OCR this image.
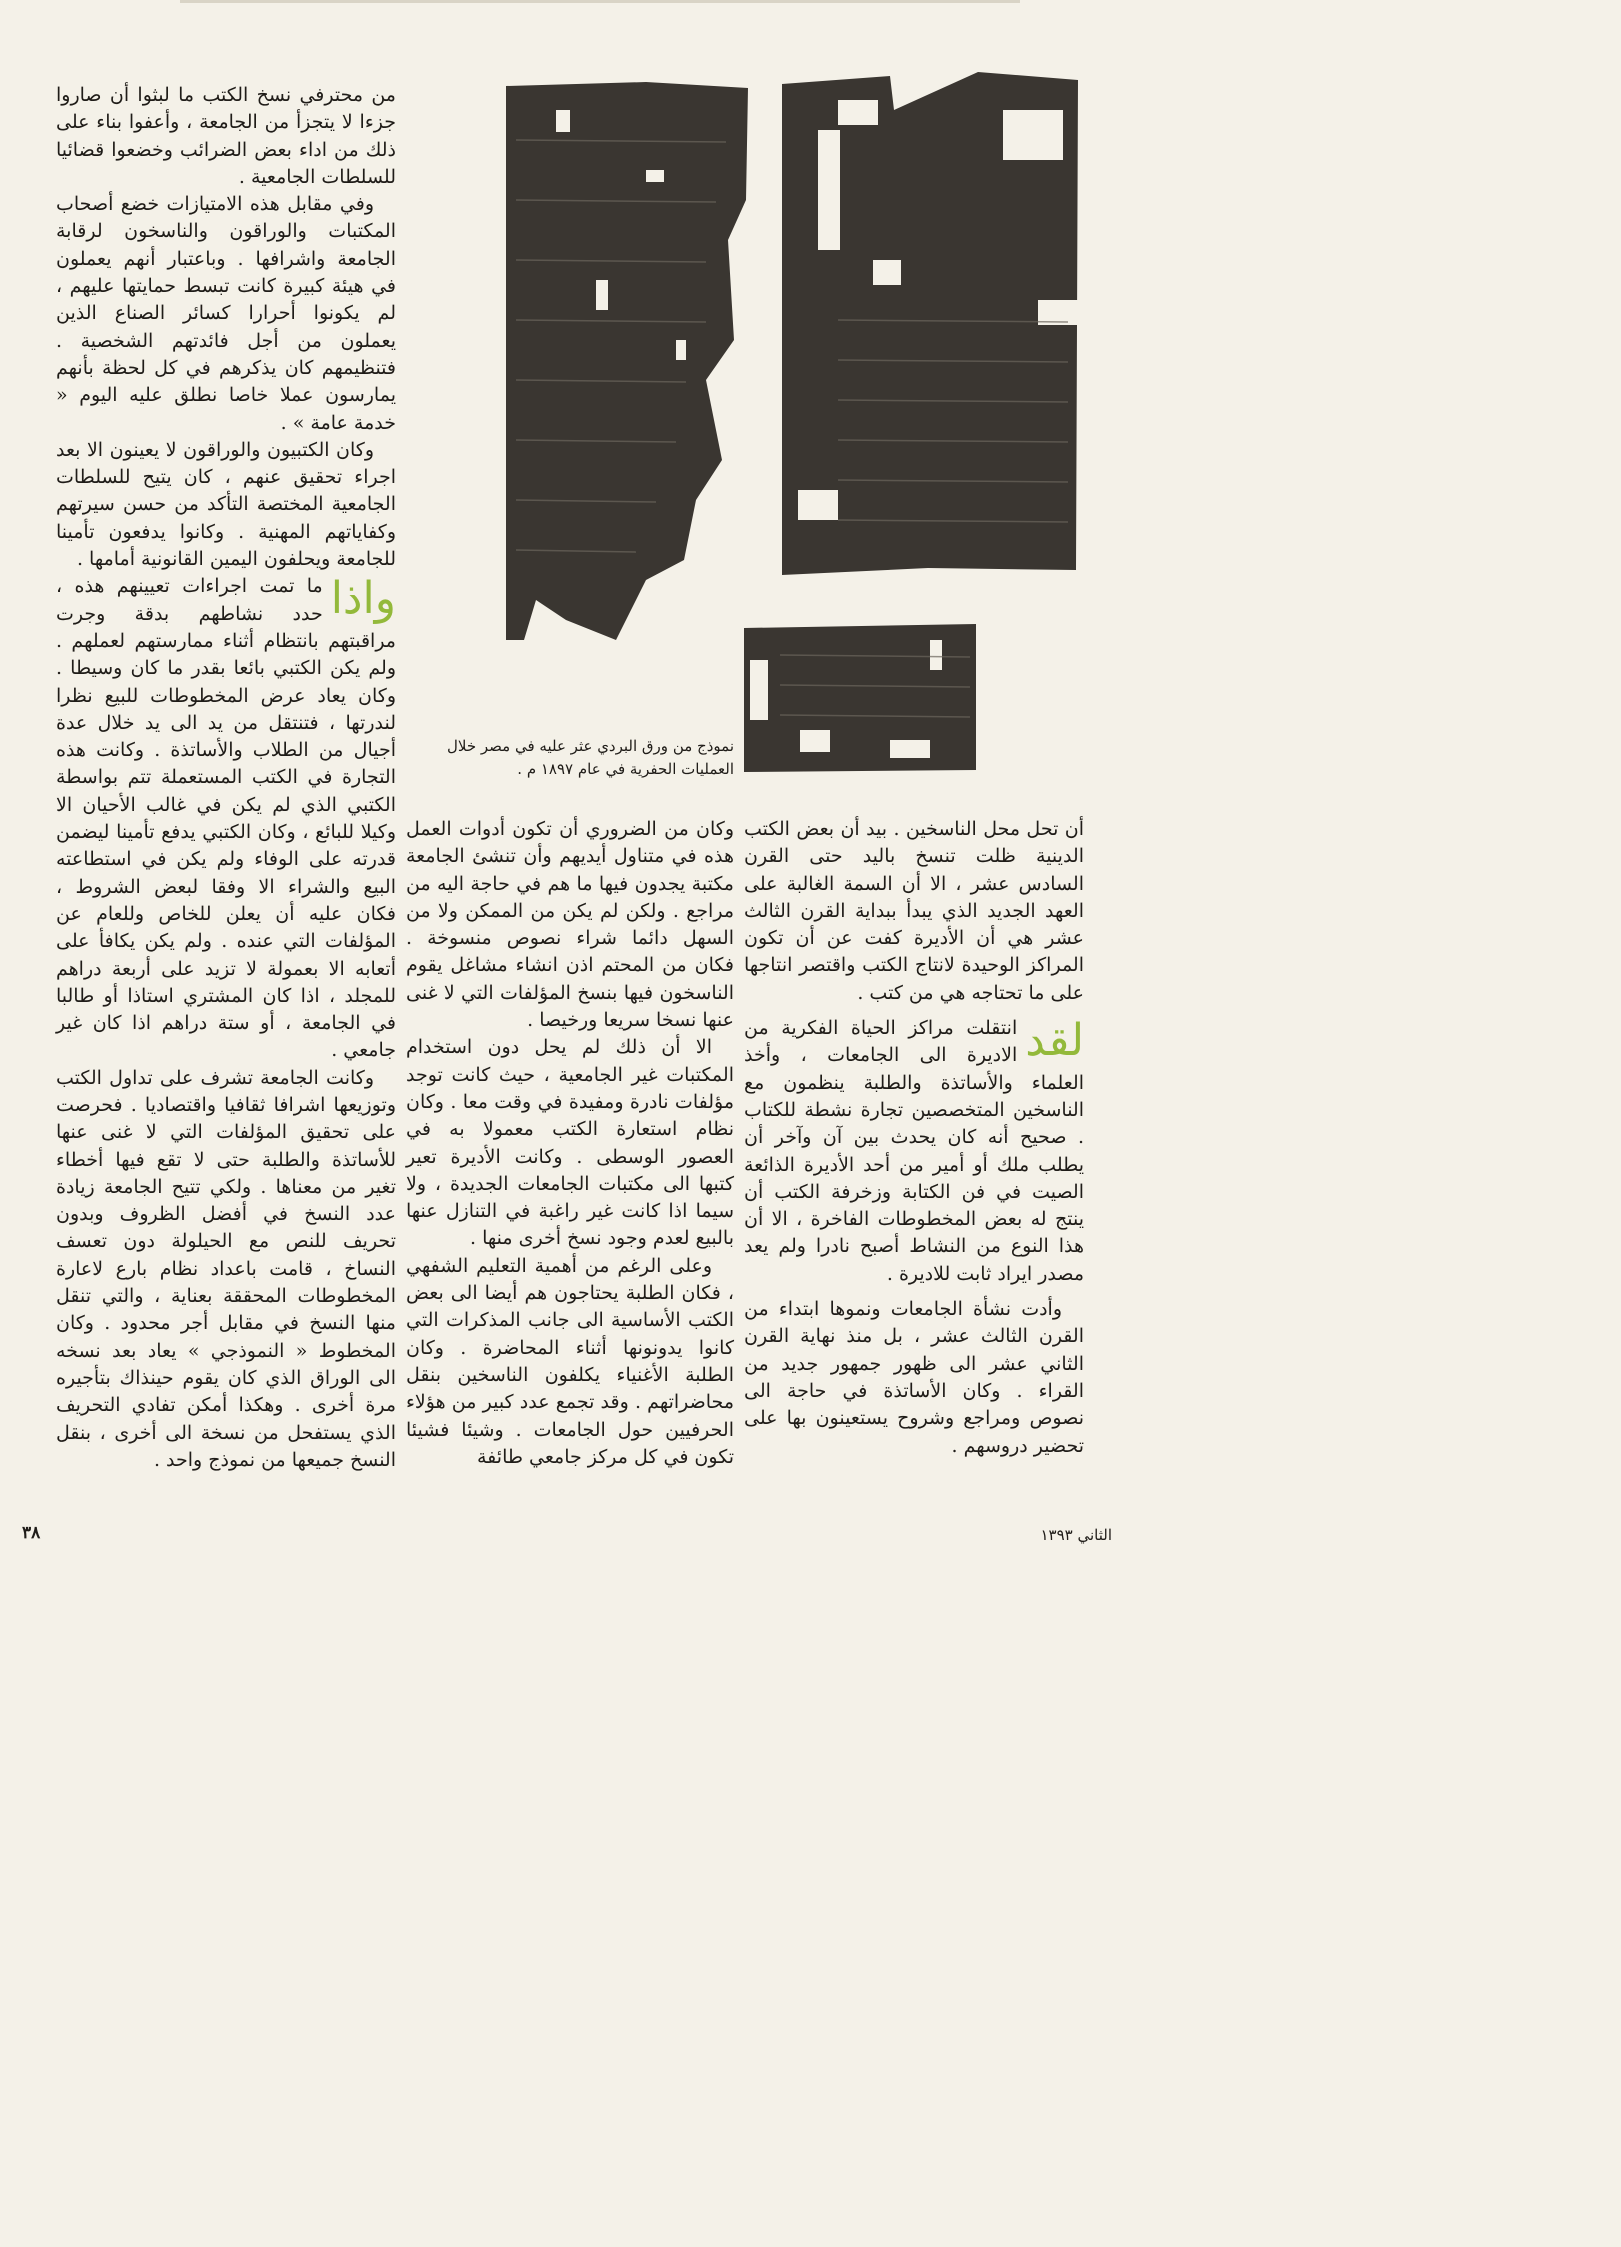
من محترفي نسخ الكتب ما لبثوا أن صاروا جزءا لا يتجزأ من الجامعة ، وأعفوا بناء على ذلك من اداء بعض الضرائب وخضعوا قضائيا للسلطات الجامعية .

وفي مقابل هذه الامتيازات خضع أصحاب المكتبات والوراقون والناسخون لرقابة الجامعة واشرافها . وباعتبار أنهم يعملون في هيئة كبيرة كانت تبسط حمايتها عليهم ، لم يكونوا أحرارا كسائر الصناع الذين يعملون من أجل فائدتهم الشخصية . فتنظيمهم كان يذكرهم في كل لحظة بأنهم يمارسون عملا خاصا نطلق عليه اليوم « خدمة عامة » .

وكان الكتبيون والوراقون لا يعينون الا بعد اجراء تحقيق عنهم ، كان يتيح للسلطات الجامعية المختصة التأكد من حسن سيرتهم وكفاياتهم المهنية . وكانوا يدفعون تأمينا للجامعة ويحلفون اليمين القانونية أمامها .

واذا
ما تمت اجراءات تعيينهم هذه ، حدد نشاطهم بدقة وجرت مراقبتهم بانتظام أثناء ممارستهم لعملهم . ولم يكن الكتبي بائعا بقدر ما كان وسيطا . وكان يعاد عرض المخطوطات للبيع نظرا لندرتها ، فتنتقل من يد الى يد خلال عدة أجيال من الطلاب والأساتذة . وكانت هذه التجارة في الكتب المستعملة تتم بواسطة الكتبي الذي لم يكن في غالب الأحيان الا وكيلا للبائع ، وكان الكتبي يدفع تأمينا ليضمن قدرته على الوفاء ولم يكن في استطاعته البيع والشراء الا وفقا لبعض الشروط ، فكان عليه أن يعلن للخاص وللعام عن المؤلفات التي عنده . ولم يكن يكافأ على أتعابه الا بعمولة لا تزيد على أربعة دراهم للمجلد ، اذا كان المشتري استاذا أو طالبا في الجامعة ، أو ستة دراهم اذا كان غير جامعي .

وكانت الجامعة تشرف على تداول الكتب وتوزيعها اشرافا ثقافيا واقتصاديا . فحرصت على تحقيق المؤلفات التي لا غنى عنها للأساتذة والطلبة حتى لا تقع فيها أخطاء تغير من معناها . ولكي تتيح الجامعة زيادة عدد النسخ في أفضل الظروف وبدون تحريف للنص مع الحيلولة دون تعسف النساخ ، قامت باعداد نظام بارع لاعارة المخطوطات المحققة بعناية ، والتي تنقل منها النسخ في مقابل أجر محدود . وكان المخطوط « النموذجي » يعاد بعد نسخه الى الوراق الذي كان يقوم حينذاك بتأجيره مرة أخرى . وهكذا أمكن تفادي التحريف الذي يستفحل من نسخة الى أخرى ، بنقل النسخ جميعها من نموذج واحد .

نموذج من ورق البردي عثر عليه في مصر خلال العمليات الحفرية في عام ١٨٩٧ م .

وكان من الضروري أن تكون أدوات العمل هذه في متناول أيديهم وأن تنشئ الجامعة مكتبة يجدون فيها ما هم في حاجة اليه من مراجع . ولكن لم يكن من الممكن ولا من السهل دائما شراء نصوص منسوخة . فكان من المحتم اذن انشاء مشاغل يقوم الناسخون فيها بنسخ المؤلفات التي لا غنى عنها نسخا سريعا ورخيصا .

الا أن ذلك لم يحل دون استخدام المكتبات غير الجامعية ، حيث كانت توجد مؤلفات نادرة ومفيدة في وقت معا . وكان نظام استعارة الكتب معمولا به في العصور الوسطى . وكانت الأديرة تعير كتبها الى مكتبات الجامعات الجديدة ، ولا سيما اذا كانت غير راغبة في التنازل عنها بالبيع لعدم وجود نسخ أخرى منها .

وعلى الرغم من أهمية التعليم الشفهي ، فكان الطلبة يحتاجون هم أيضا الى بعض الكتب الأساسية الى جانب المذكرات التي كانوا يدونونها أثناء المحاضرة . وكان الطلبة الأغنياء يكلفون الناسخين بنقل محاضراتهم . وقد تجمع عدد كبير من هؤلاء الحرفيين حول الجامعات . وشيئا فشيئا تكون في كل مركز جامعي طائفة

أن تحل محل الناسخين . بيد أن بعض الكتب الدينية ظلت تنسخ باليد حتى القرن السادس عشر ، الا أن السمة الغالبة على العهد الجديد الذي يبدأ ببداية القرن الثالث عشر هي أن الأديرة كفت عن أن تكون المراكز الوحيدة لانتاج الكتب واقتصر انتاجها على ما تحتاجه هي من كتب .

لقد
انتقلت مراكز الحياة الفكرية من الاديرة الى الجامعات ، وأخذ العلماء والأساتذة والطلبة ينظمون مع الناسخين المتخصصين تجارة نشطة للكتاب . صحيح أنه كان يحدث بين آن وآخر أن يطلب ملك أو أمير من أحد الأديرة الذائعة الصيت في فن الكتابة وزخرفة الكتب أن ينتج له بعض المخطوطات الفاخرة ، الا أن هذا النوع من النشاط أصبح نادرا ولم يعد مصدر ايراد ثابت للاديرة .

وأدت نشأة الجامعات ونموها ابتداء من القرن الثالث عشر ، بل منذ نهاية القرن الثاني عشر الى ظهور جمهور جديد من القراء . وكان الأساتذة في حاجة الى نصوص ومراجع وشروح يستعينون بها على تحضير دروسهم .

٣٨	الثاني ١٣٩٣
